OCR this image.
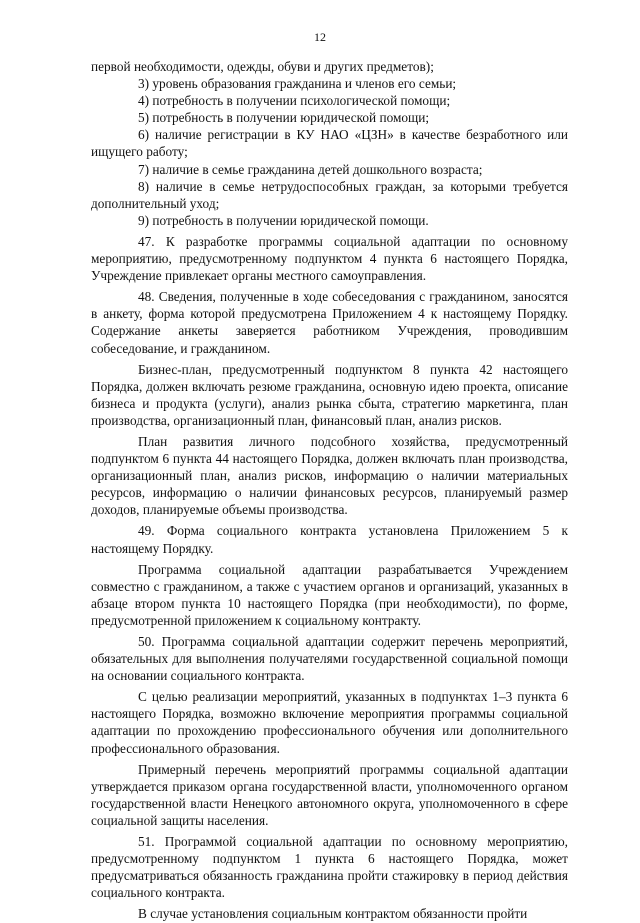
12

первой необходимости, одежды, обуви и других предметов);

3) уровень образования гражданина и членов его семьи;

4) потребность в получении психологической помощи;

5) потребность в получении юридической помощи;

6) наличие регистрации в КУ НАО «ЦЗН» в качестве безработного или ищущего работу;

7) наличие в семье гражданина детей дошкольного возраста;

8) наличие в семье нетрудоспособных граждан, за которыми требуется дополнительный уход;

9) потребность в получении юридической помощи.

47. К разработке программы социальной адаптации по основному мероприятию, предусмотренному подпунктом 4 пункта 6 настоящего Порядка, Учреждение привлекает органы местного самоуправления.

48. Сведения, полученные в ходе собеседования с гражданином, заносятся в анкету, форма которой предусмотрена Приложением 4 к настоящему Порядку. Содержание анкеты заверяется работником Учреждения, проводившим собеседование, и гражданином.

Бизнес-план, предусмотренный подпунктом 8 пункта 42 настоящего Порядка, должен включать резюме гражданина, основную идею проекта, описание бизнеса и продукта (услуги), анализ рынка сбыта, стратегию маркетинга, план производства, организационный план, финансовый план, анализ рисков.

План развития личного подсобного хозяйства, предусмотренный подпунктом 6 пункта 44 настоящего Порядка, должен включать план производства, организационный план, анализ рисков, информацию о наличии материальных ресурсов, информацию о наличии финансовых ресурсов, планируемый размер доходов, планируемые объемы производства.

49. Форма социального контракта установлена Приложением 5 к настоящему Порядку.

Программа социальной адаптации разрабатывается Учреждением совместно с гражданином, а также с участием органов и организаций, указанных в абзаце втором пункта 10 настоящего Порядка (при необходимости), по форме, предусмотренной приложением к социальному контракту.

50. Программа социальной адаптации содержит перечень мероприятий, обязательных для выполнения получателями государственной социальной помощи на основании социального контракта.

С целью реализации мероприятий, указанных в подпунктах 1–3 пункта 6 настоящего Порядка, возможно включение мероприятия программы социальной адаптации по прохождению профессионального обучения или дополнительного профессионального образования.

Примерный перечень мероприятий программы социальной адаптации утверждается приказом органа государственной власти, уполномоченного органом государственной власти Ненецкого автономного округа, уполномоченного в сфере социальной защиты населения.

51. Программой социальной адаптации по основному мероприятию, предусмотренному подпунктом 1 пункта 6 настоящего Порядка, может предусматриваться обязанность гражданина пройти стажировку в период действия социального контракта.

В случае установления социальным контрактом обязанности пройти
